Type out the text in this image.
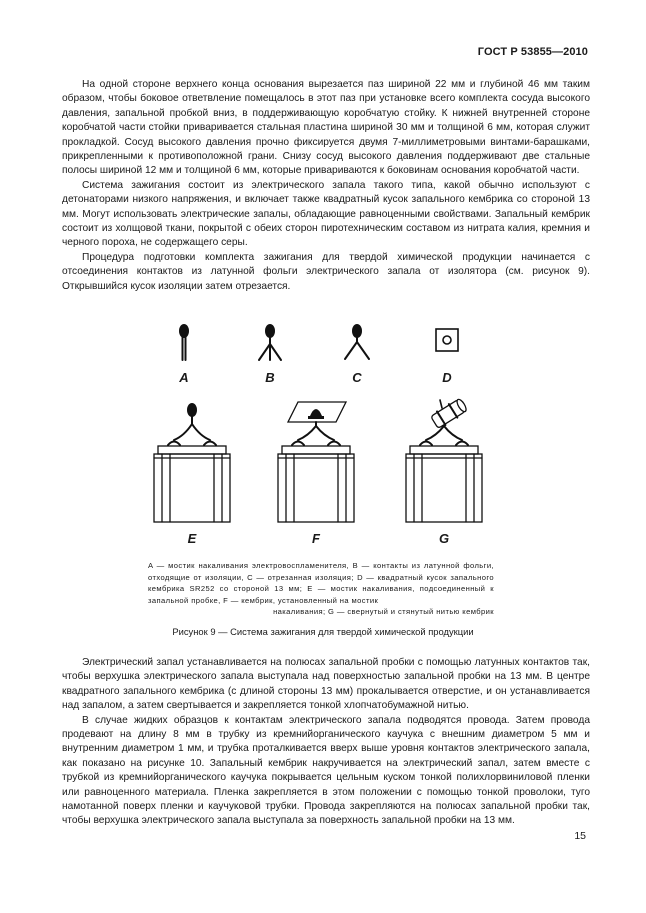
ГОСТ Р 53855—2010

На одной стороне верхнего конца основания вырезается паз шириной 22 мм и глубиной 46 мм таким образом, чтобы боковое ответвление помещалось в этот паз при установке всего комплекта сосуда высокого давления, запальной пробкой вниз, в поддерживающую коробчатую стойку. К нижней внутренней стороне коробчатой части стойки приваривается стальная пластина шириной 30 мм и толщиной 6 мм, которая служит прокладкой. Сосуд высокого давления прочно фиксируется двумя 7-миллиметровыми винтами-барашками, прикрепленными к противоположной грани. Снизу сосуд высокого давления поддерживают две стальные полосы шириной 12 мм и толщиной 6 мм, которые привариваются к боковинам основания коробчатой части.

Система зажигания состоит из электрического запала такого типа, какой обычно используют с детонаторами низкого напряжения, и включает также квадратный кусок запального кембрика со стороной 13 мм. Могут использовать электрические запалы, обладающие равноценными свойствами. Запальный кембрик состоит из холщовой ткани, покрытой с обеих сторон пиротехническим составом из нитрата калия, кремния и черного пороха, не содержащего серы.

Процедура подготовки комплекта зажигания для твердой химической продукции начинается с отсоединения контактов из латунной фольги электрического запала от изолятора (см. рисунок 9). Открывшийся кусок изоляции затем отрезается.

A	B	C	D
E	F	G
A — мостик накаливания электровоспламенителя, B — контакты из латунной фольги, отходящие от изоляции, C — отрезанная изоляция; D — квадратный кусок запального кембрика SR252 со стороной 13 мм; E — мостик накаливания, подсоединенный к запальной пробке, F — кембрик, установленный на мостик
накаливания; G — свернутый и стянутый нитью кембрик
Рисунок 9 — Система зажигания для твердой химической продукции

Электрический запал устанавливается на полюсах запальной пробки с помощью латунных контактов так, чтобы верхушка электрического запала выступала над поверхностью запальной пробки на 13 мм. В центре квадратного запального кембрика (с длиной стороны 13 мм) прокалывается отверстие, и он устанавливается над запалом, а затем свертывается и закрепляется тонкой хлопчатобумажной нитью.

В случае жидких образцов к контактам электрического запала подводятся провода. Затем провода продевают на длину 8 мм в трубку из кремнийорганического каучука с внешним диаметром 5 мм и внутренним диаметром 1 мм, и трубка проталкивается вверх выше уровня контактов электрического запала, как показано на рисунке 10. Запальный кембрик накручивается на электрический запал, затем вместе с трубкой из кремнийорганического каучука покрывается цельным куском тонкой полихлорвиниловой пленки или равноценного материала. Пленка закрепляется в этом положении с помощью тонкой проволоки, туго намотанной поверх пленки и каучуковой трубки. Провода закрепляются на полюсах запальной пробки так, чтобы верхушка электрического запала выступала за поверхность запальной пробки на 13 мм.

15
